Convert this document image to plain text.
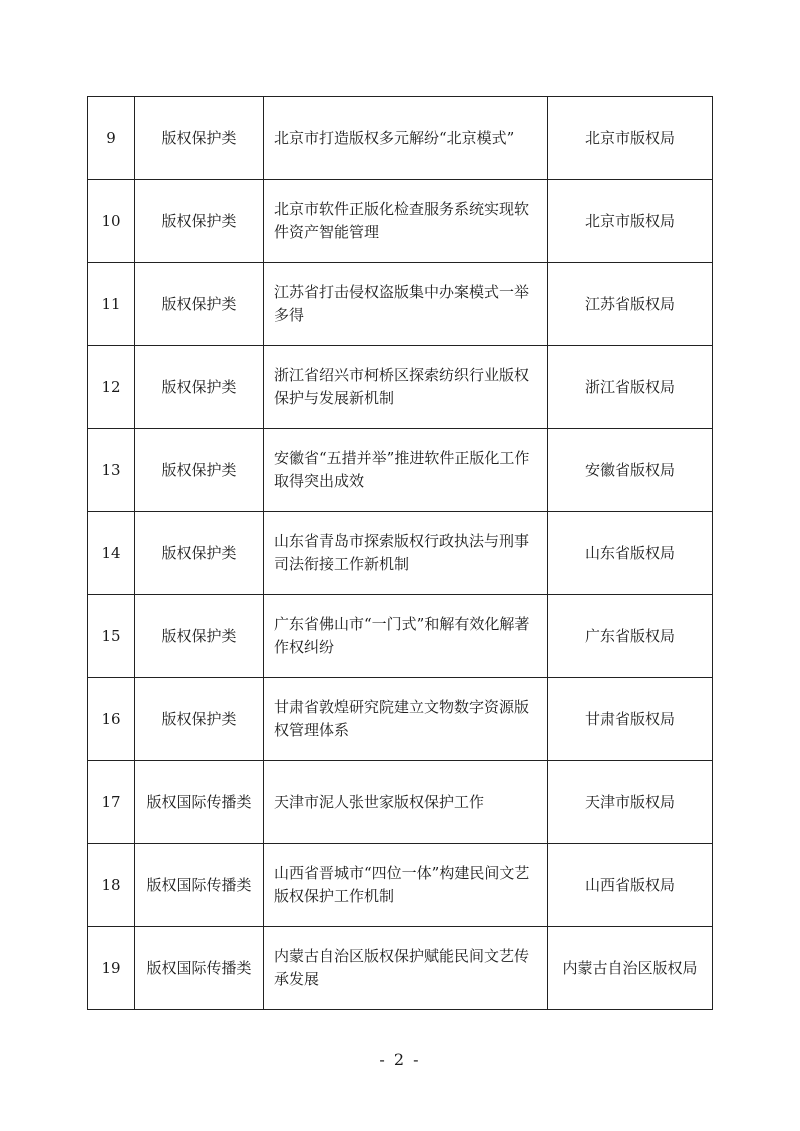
9	版权保护类	北京市打造版权多元解纷“北京模式”	北京市版权局
10	版权保护类	北京市软件正版化检查服务系统实现软件资产智能管理	北京市版权局
11	版权保护类	江苏省打击侵权盗版集中办案模式一举多得	江苏省版权局
12	版权保护类	浙江省绍兴市柯桥区探索纺织行业版权保护与发展新机制	浙江省版权局
13	版权保护类	安徽省“五措并举”推进软件正版化工作取得突出成效	安徽省版权局
14	版权保护类	山东省青岛市探索版权行政执法与刑事司法衔接工作新机制	山东省版权局
15	版权保护类	广东省佛山市“一门式”和解有效化解著作权纠纷	广东省版权局
16	版权保护类	甘肃省敦煌研究院建立文物数字资源版权管理体系	甘肃省版权局
17	版权国际传播类	天津市泥人张世家版权保护工作	天津市版权局
18	版权国际传播类	山西省晋城市“四位一体”构建民间文艺版权保护工作机制	山西省版权局
19	版权国际传播类	内蒙古自治区版权保护赋能民间文艺传承发展	内蒙古自治区版权局
- 2 -
